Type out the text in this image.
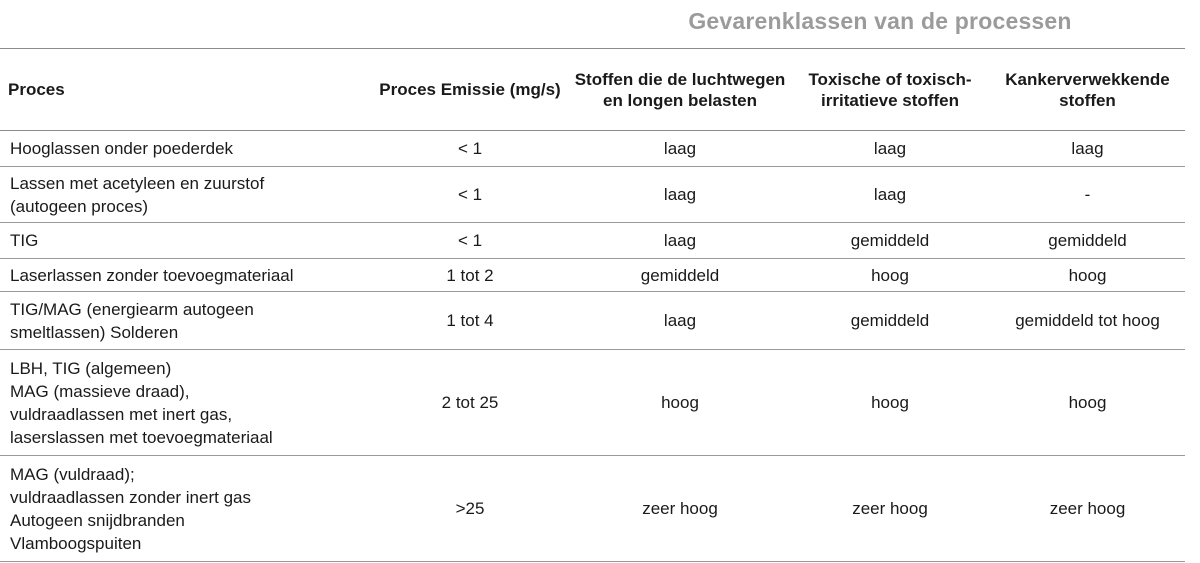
Gevarenklassen van de processen
Proces	Proces Emissie (mg/s)	Stoffen die de luchtwegen en longen belasten	Toxische of toxisch-irritatieve stoffen	Kankerverwekkende stoffen
Hooglassen onder poederdek	< 1	laag	laag	laag
Lassen met acetyleen en zuurstof
(autogeen proces)	< 1	laag	laag	-
TIG	< 1	laag	gemiddeld	gemiddeld
Laserlassen zonder toevoegmateriaal	1 tot 2	gemiddeld	hoog	hoog
TIG/MAG (energiearm autogeen
smeltlassen) Solderen	1 tot 4	laag	gemiddeld	gemiddeld tot hoog
LBH, TIG (algemeen)
MAG (massieve draad),
vuldraadlassen met inert gas,
laserslassen met toevoegmateriaal	2 tot 25	hoog	hoog	hoog
MAG (vuldraad);
vuldraadlassen zonder inert gas
Autogeen snijdbranden
Vlamboogspuiten	>25	zeer hoog	zeer hoog	zeer hoog
